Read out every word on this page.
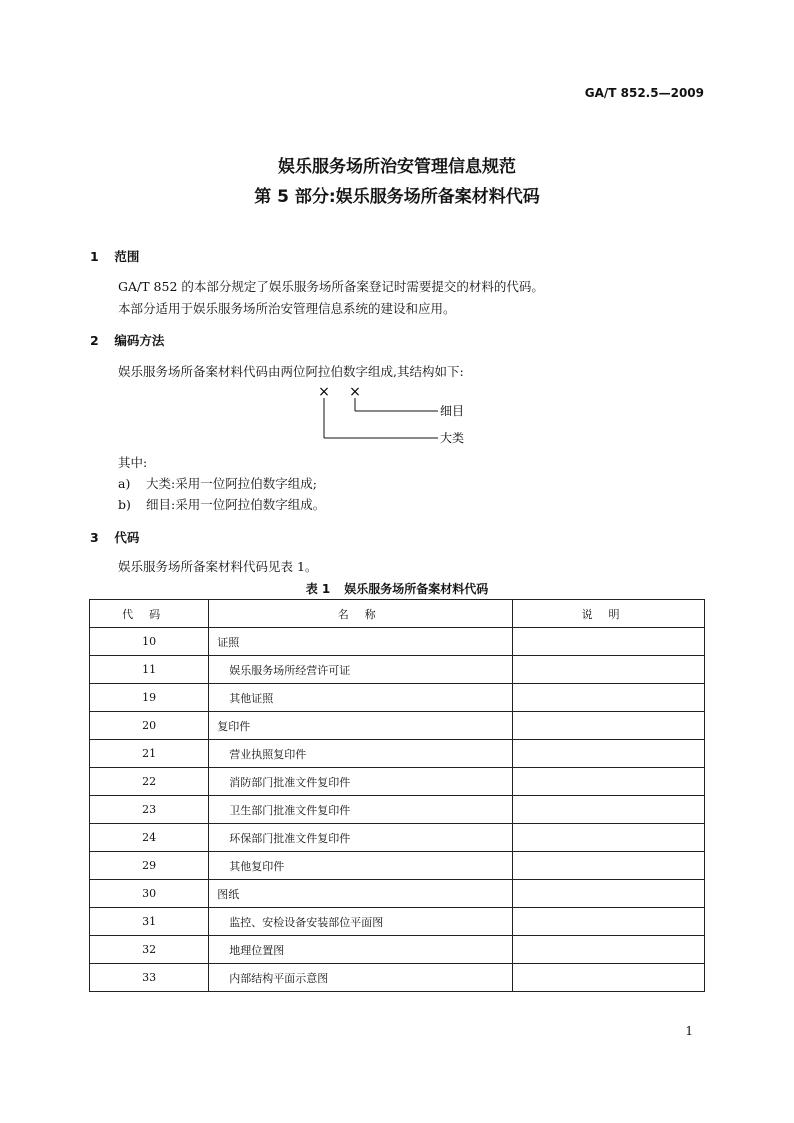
GA/T 852.5—2009
娱乐服务场所治安管理信息规范
第 5 部分:娱乐服务场所备案材料代码
1 范围
GA/T 852 的本部分规定了娱乐服务场所备案登记时需要提交的材料的代码。
本部分适用于娱乐服务场所治安管理信息系统的建设和应用。
2 编码方法
娱乐服务场所备案材料代码由两位阿拉伯数字组成,其结构如下:
× ×
细目
大类
其中:
a) 大类:采用一位阿拉伯数字组成;
b) 细目:采用一位阿拉伯数字组成。
3 代码
娱乐服务场所备案材料代码见表 1。
表 1 娱乐服务场所备案材料代码
代码	名称	说明
10	证照	
11	娱乐服务场所经营许可证	
19	其他证照	
20	复印件	
21	营业执照复印件	
22	消防部门批准文件复印件	
23	卫生部门批准文件复印件	
24	环保部门批准文件复印件	
29	其他复印件	
30	图纸	
31	监控、安检设备安装部位平面图	
32	地理位置图	
33	内部结构平面示意图	
1
